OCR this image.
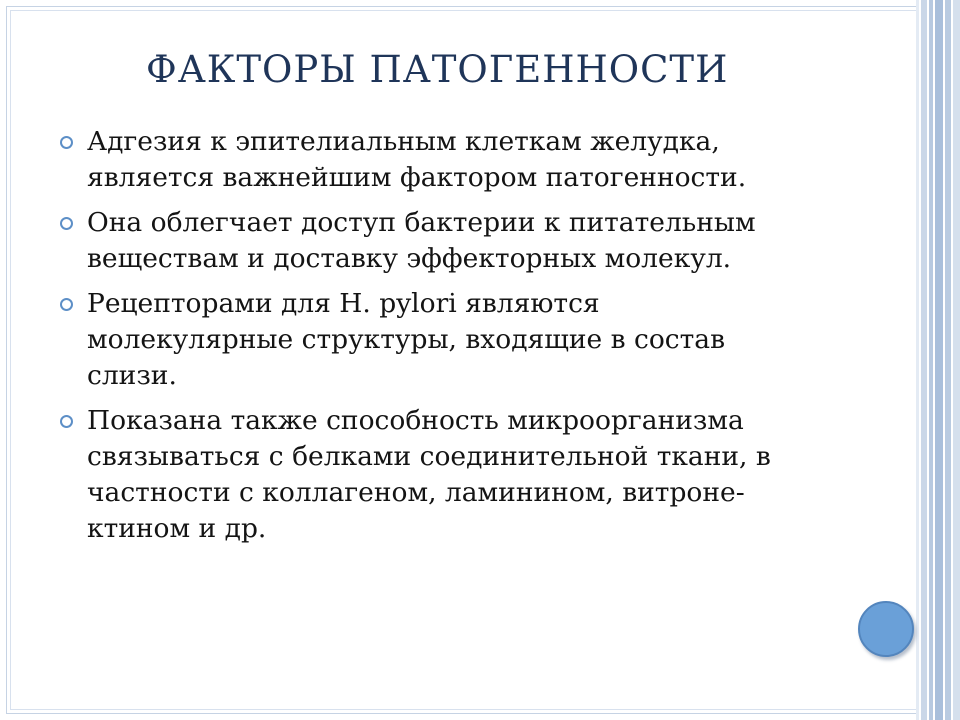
ФАКТОРЫ ПАТОГЕННОСТИ
Адгезия к эпителиальным клеткам желудка,
является важнейшим фактором патогенности.
Она облегчает доступ бактерии к питательным
веществам и доставку эффекторных молекул.
Рецепторами для H. pylori являются
молекулярные структуры, входящие в состав
слизи.
Показана также способность микроорганизма
связываться с белками соединительной ткани, в
частности с коллагеном, ламинином, витроне-
ктином и др.
